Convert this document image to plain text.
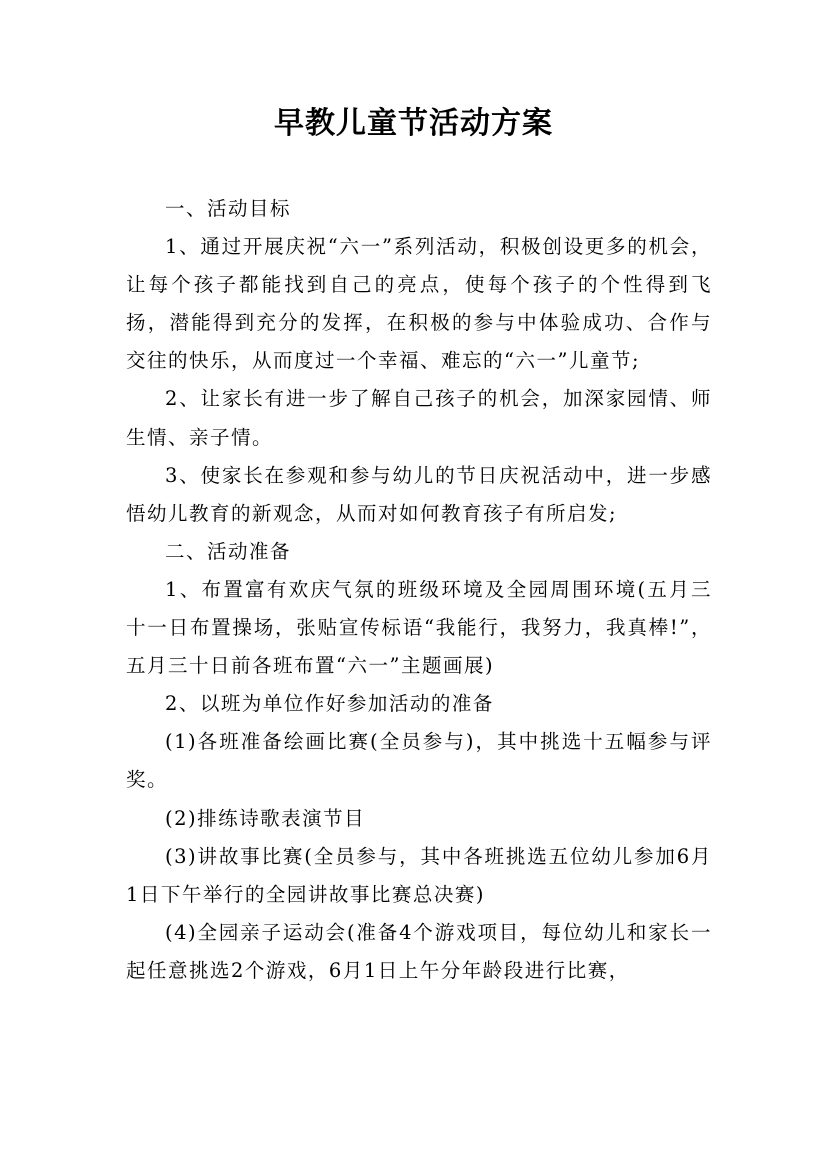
早教儿童节活动方案

一、活动目标

1、通过开展庆祝“六一”系列活动，积极创设更多的机会，让每个孩子都能找到自己的亮点，使每个孩子的个性得到飞扬，潜能得到充分的发挥，在积极的参与中体验成功、合作与交往的快乐，从而度过一个幸福、难忘的“六一”儿童节;

2、让家长有进一步了解自己孩子的机会，加深家园情、师生情、亲子情。

3、使家长在参观和参与幼儿的节日庆祝活动中，进一步感悟幼儿教育的新观念，从而对如何教育孩子有所启发;

二、活动准备

1、布置富有欢庆气氛的班级环境及全园周围环境(五月三十一日布置操场，张贴宣传标语“我能行，我努力，我真棒!”，五月三十日前各班布置“六一”主题画展)

2、以班为单位作好参加活动的准备

(1)各班准备绘画比赛(全员参与)，其中挑选十五幅参与评奖。

(2)排练诗歌表演节目

(3)讲故事比赛(全员参与，其中各班挑选五位幼儿参加6月1日下午举行的全园讲故事比赛总决赛)

(4)全园亲子运动会(准备4个游戏项目，每位幼儿和家长一起任意挑选2个游戏，6月1日上午分年龄段进行比赛，
